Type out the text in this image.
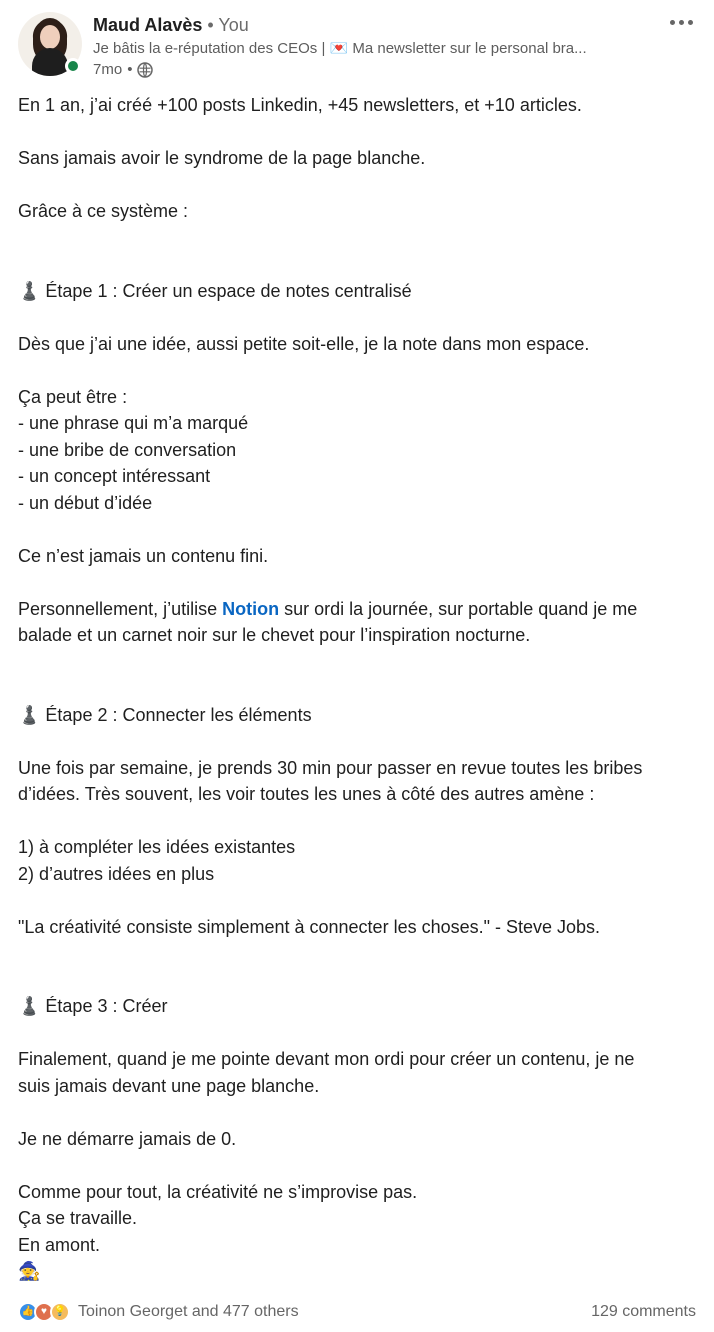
Maud Alavès • You
Je bâtis la e-réputation des CEOs | 💌 Ma newsletter sur le personal bra...
7mo •
En 1 an, j’ai créé +100 posts Linkedin, +45 newsletters, et +10 articles.
Sans jamais avoir le syndrome de la page blanche.
Grâce à ce système :
♟️ Étape 1 : Créer un espace de notes centralisé
Dès que j’ai une idée, aussi petite soit-elle, je la note dans mon espace.
Ça peut être :
- une phrase qui m’a marqué
- une bribe de conversation
- un concept intéressant
- un début d’idée
Ce n’est jamais un contenu fini.
Personnellement, j’utilise Notion sur ordi la journée, sur portable quand je me
balade et un carnet noir sur le chevet pour l’inspiration nocturne.
♟️ Étape 2 : Connecter les éléments
Une fois par semaine, je prends 30 min pour passer en revue toutes les bribes
d’idées. Très souvent, les voir toutes les unes à côté des autres amène :
1) à compléter les idées existantes
2) d’autres idées en plus
"La créativité consiste simplement à connecter les choses." - Steve Jobs.
♟️ Étape 3 : Créer
Finalement, quand je me pointe devant mon ordi pour créer un contenu, je ne
suis jamais devant une page blanche.
Je ne démarre jamais de 0.
Comme pour tout, la créativité ne s’improvise pas.
Ça se travaille.
En amont.
🧙
👍 ♥ 💡 Toinon Georget and 477 others	129 comments
